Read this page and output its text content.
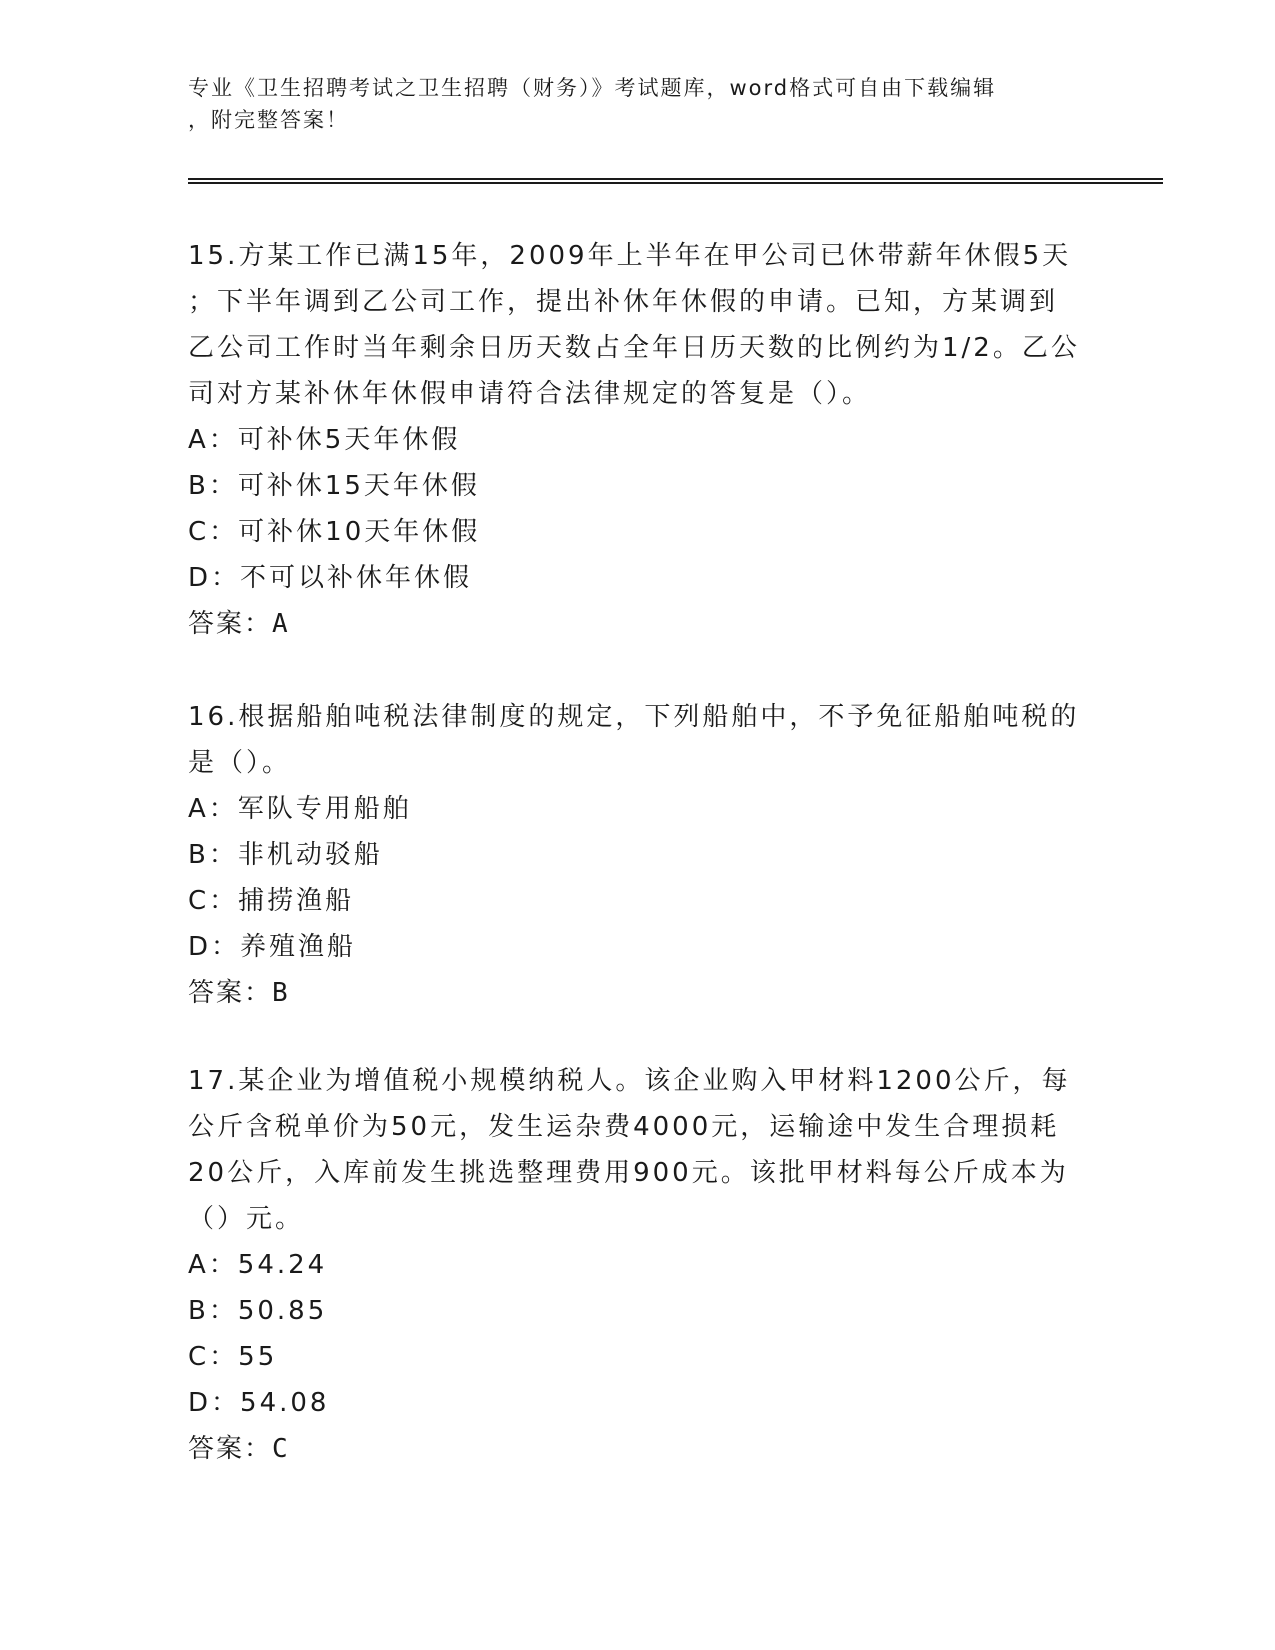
专业《卫生招聘考试之卫生招聘（财务）》考试题库，word格式可自由下载编辑

，附完整答案！

15.方某工作已满15年，2009年上半年在甲公司已休带薪年休假5天

；下半年调到乙公司工作，提出补休年休假的申请。已知，方某调到

乙公司工作时当年剩余日历天数占全年日历天数的比例约为1/2。乙公

司对方某补休年休假申请符合法律规定的答复是（）。

A：可补休5天年休假

B：可补休15天年休假

C：可补休10天年休假

D：不可以补休年休假

答案：A

16.根据船舶吨税法律制度的规定，下列船舶中，不予免征船舶吨税的

是（）。

A：军队专用船舶

B：非机动驳船

C：捕捞渔船

D：养殖渔船

答案：B

17.某企业为增值税小规模纳税人。该企业购入甲材料1200公斤，每

公斤含税单价为50元，发生运杂费4000元，运输途中发生合理损耗

20公斤，入库前发生挑选整理费用900元。该批甲材料每公斤成本为

（）元。

A：54.24

B：50.85

C：55

D：54.08

答案：C
